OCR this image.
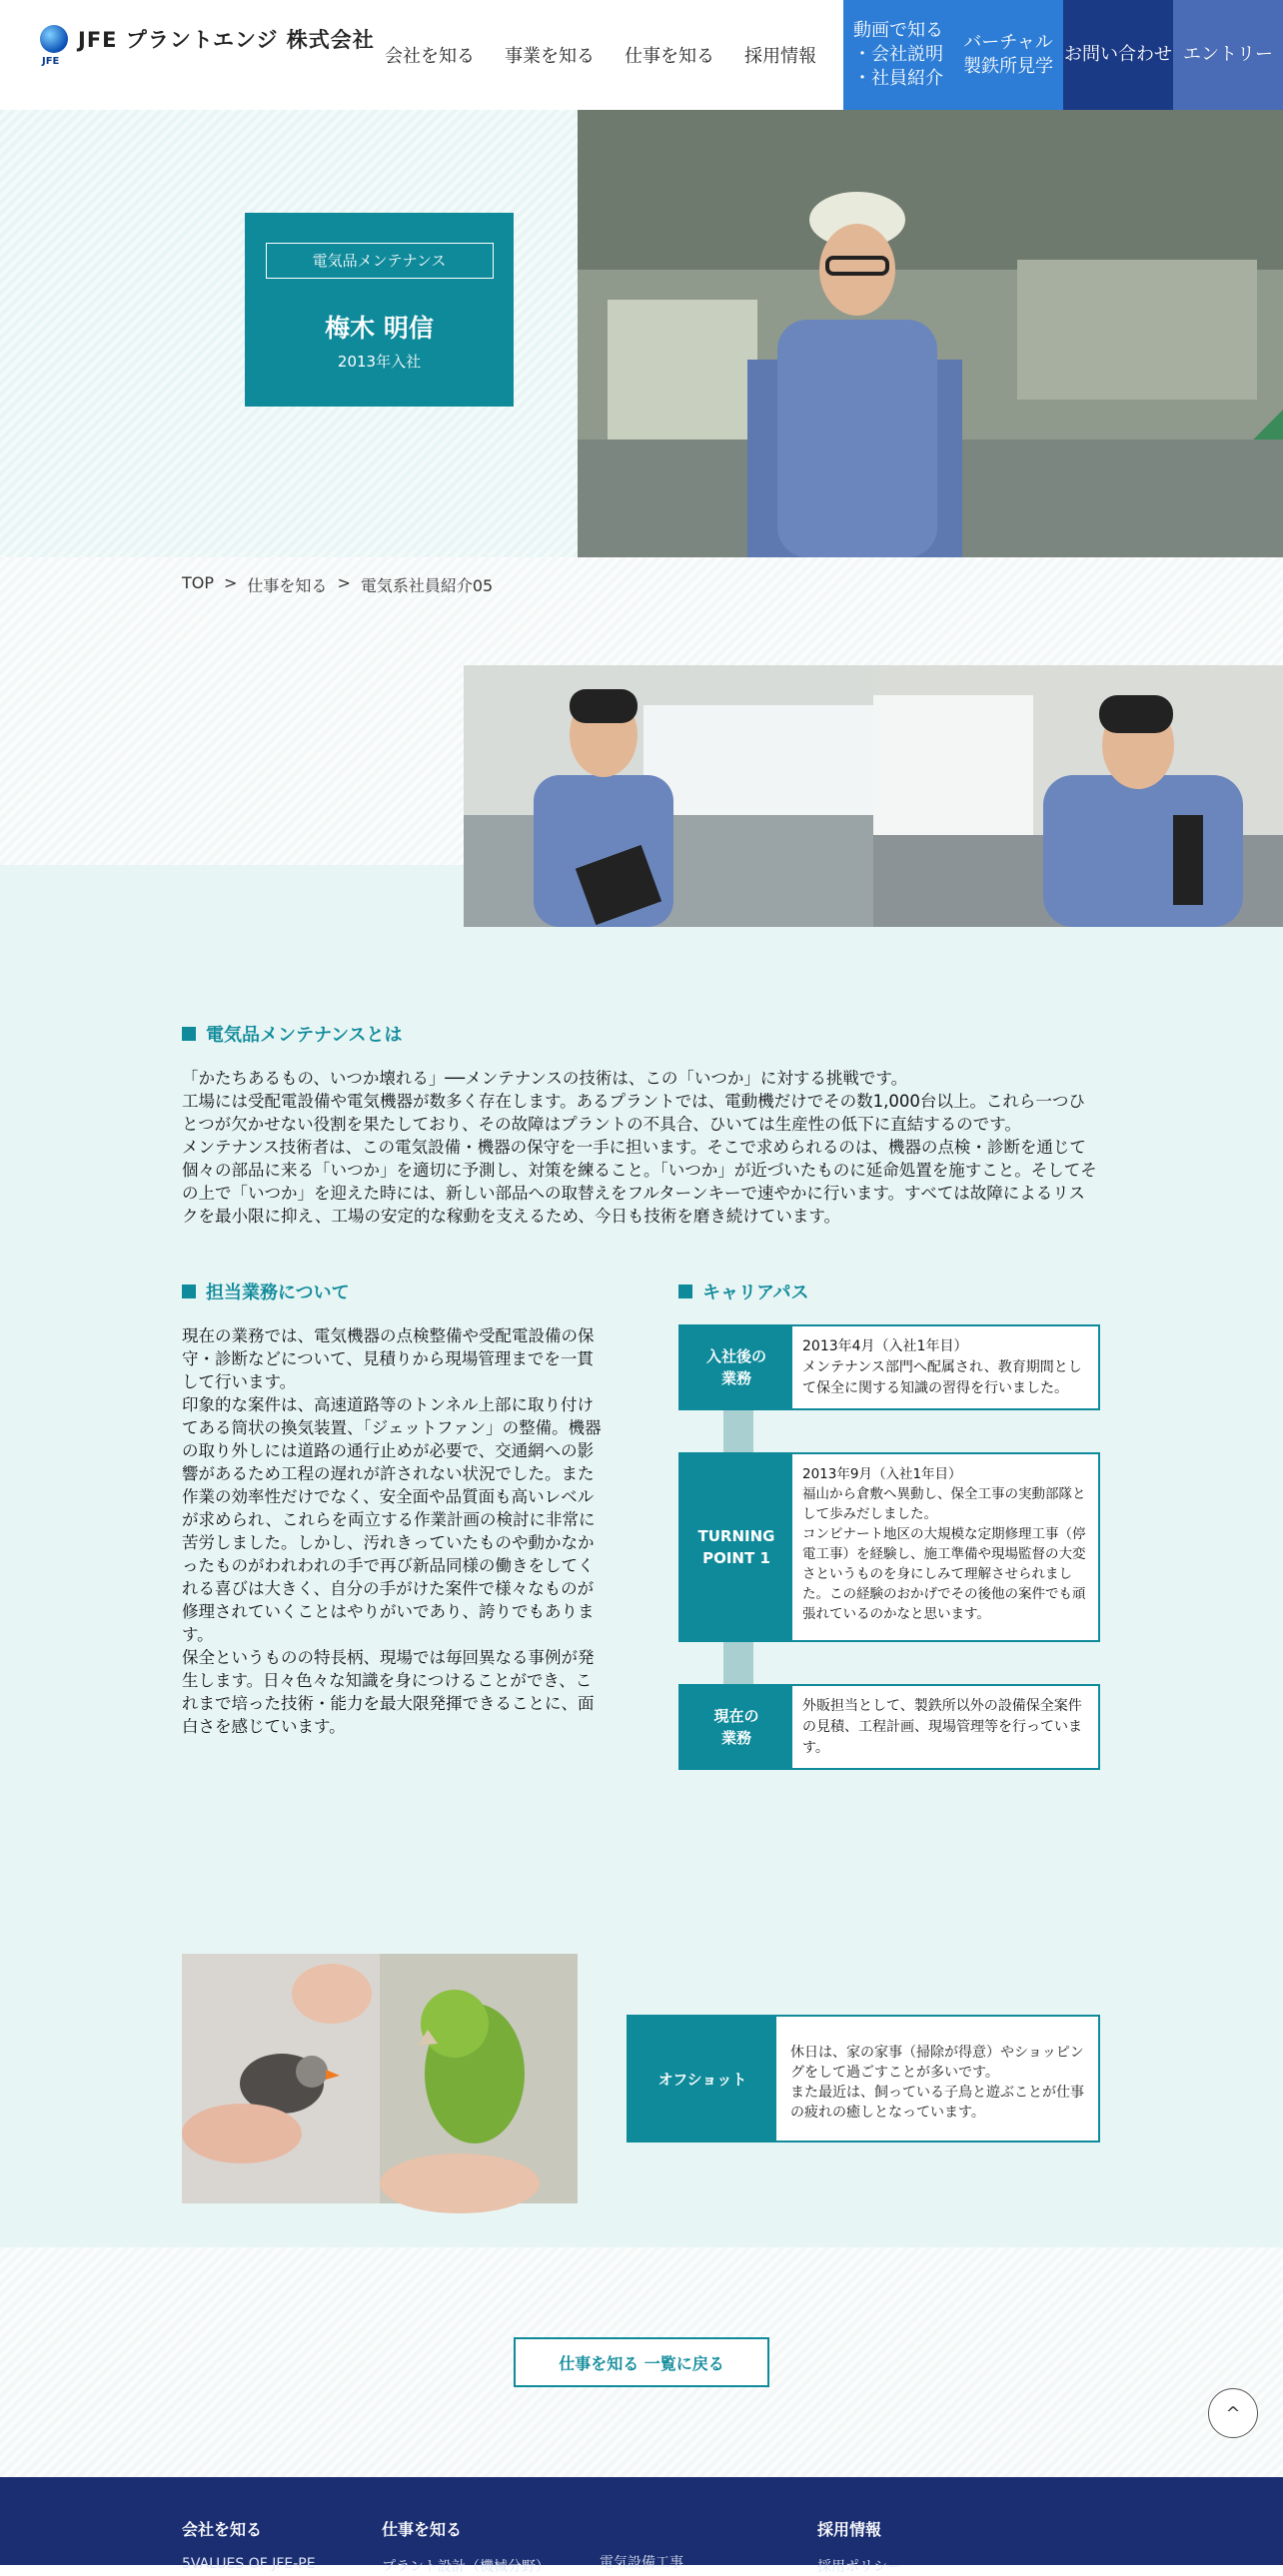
JFE プラントエンジ 株式会社
JFE	会社を知る	事業を知る	仕事を知る	採用情報
動画で知る
・会社説明
・社員紹介
バーチャル
製鉄所見学
お問い合わせ エントリー
電気品メンテナンス
梅木 明信
2013年入社
TOP > 仕事を知る > 電気系社員紹介05
電気品メンテナンスとは
「かたちあるもの、いつか壊れる」──メンテナンスの技術は、この「いつか」に対する挑戦です。
工場には受配電設備や電気機器が数多く存在します。あるプラントでは、電動機だけでその数1,000台以上。これら一つひとつが欠かせない役割を果たしており、その故障はプラントの不具合、ひいては生産性の低下に直結するのです。
メンテナンス技術者は、この電気設備・機器の保守を一手に担います。そこで求められるのは、機器の点検・診断を通じて個々の部品に来る「いつか」を適切に予測し、対策を練ること。「いつか」が近づいたものに延命処置を施すこと。そしてその上で「いつか」を迎えた時には、新しい部品への取替えをフルターンキーで速やかに行います。すべては故障によるリスクを最小限に抑え、工場の安定的な稼動を支えるため、今日も技術を磨き続けています。
担当業務について
現在の業務では、電気機器の点検整備や受配電設備の保守・診断などについて、見積りから現場管理までを一貫して行います。
印象的な案件は、高速道路等のトンネル上部に取り付けてある筒状の換気装置、「ジェットファン」の整備。機器の取り外しには道路の通行止めが必要で、交通網への影響があるため工程の遅れが許されない状況でした。また作業の効率性だけでなく、安全面や品質面も高いレベルが求められ、これらを両立する作業計画の検討に非常に苦労しました。しかし、汚れきっていたものや動かなかったものがわれわれの手で再び新品同様の働きをしてくれる喜びは大きく、自分の手がけた案件で様々なものが修理されていくことはやりがいであり、誇りでもあります。
保全というものの特長柄、現場では毎回異なる事例が発生します。日々色々な知識を身につけることができ、これまで培った技術・能力を最大限発揮できることに、面白さを感じています。
キャリアパス
入社後の
業務
2013年4月（入社1年目）
メンテナンス部門へ配属され、教育期間として保全に関する知識の習得を行いました。
TURNING
POINT 1
2013年9月（入社1年目）
福山から倉敷へ異動し、保全工事の実動部隊として歩みだしました。
コンビナート地区の大規模な定期修理工事（停電工事）を経験し、施工準備や現場監督の大変さというものを身にしみて理解させられました。この経験のおかげでその後他の案件でも頑張れているのかなと思います。
現在の
業務
外販担当として、製鉄所以外の設備保全案件の見積、工程計画、現場管理等を行っています。
オフショット
休日は、家の家事（掃除が得意）やショッピングをして過ごすことが多いです。
また最近は、飼っている子鳥と遊ぶことが仕事の疲れの癒しとなっています。
仕事を知る 一覧に戻る
^
会社を知る
5VALUES OF JFE-PE
仕事を知る
プラント設計（機械分野）	電気設備工事
採用情報
採用ポリシー
